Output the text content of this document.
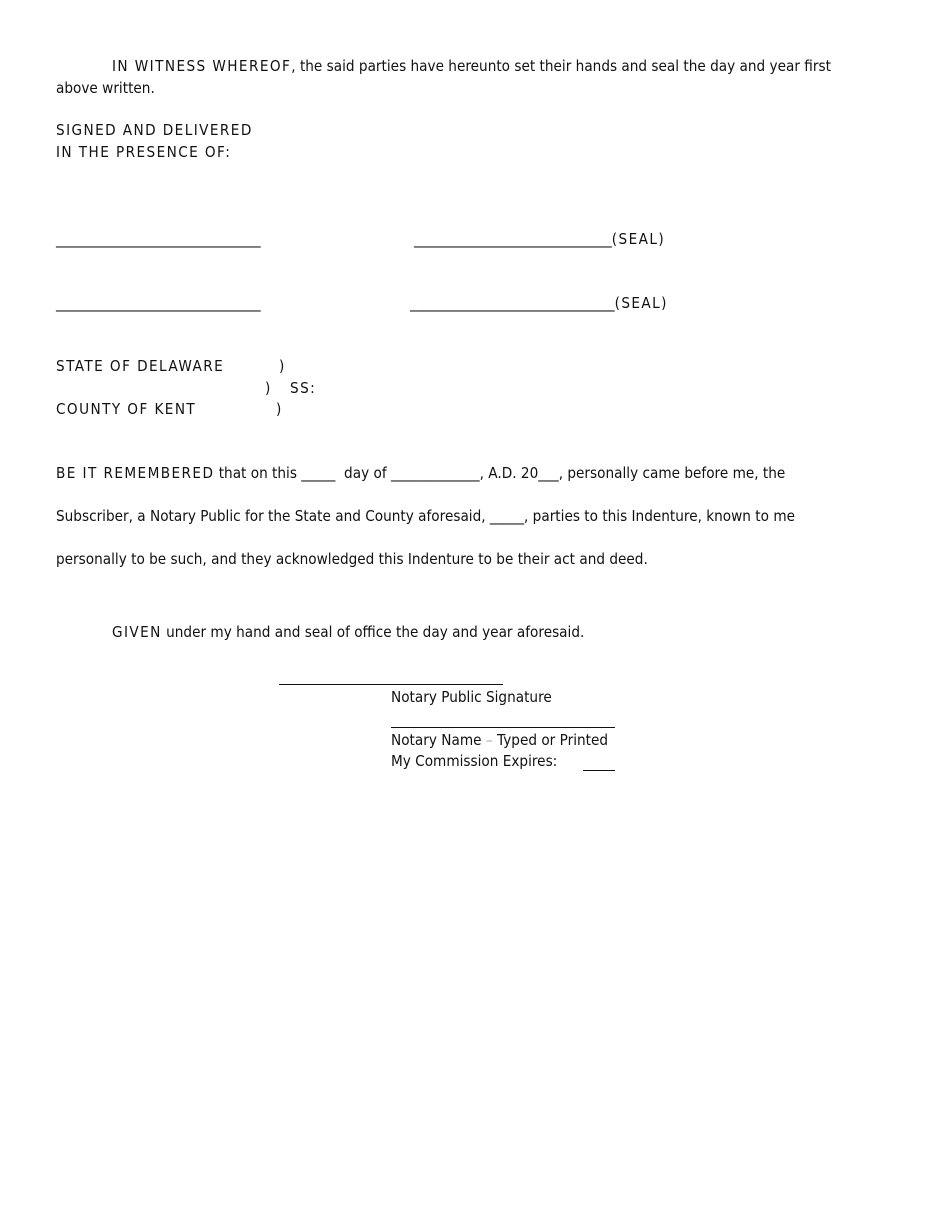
IN WITNESS WHEREOF, the said parties have hereunto set their hands and seal the day and year first
above written.
SIGNED AND DELIVERED
IN THE PRESENCE OF:
______________________________	_____________________________(SEAL)
______________________________	______________________________(SEAL)
STATE OF DELAWARE	)
) SS:
COUNTY OF KENT	)
BE IT REMEMBERED that on this _____  day of _____________, A.D. 20___, personally came before me, the
Subscriber, a Notary Public for the State and County aforesaid, _____, parties to this Indenture, known to me
personally to be such, and they acknowledged this Indenture to be their act and deed.
GIVEN under my hand and seal of office the day and year aforesaid.
Notary Public Signature
Notary Name – Typed or Printed
My Commission Expires:
